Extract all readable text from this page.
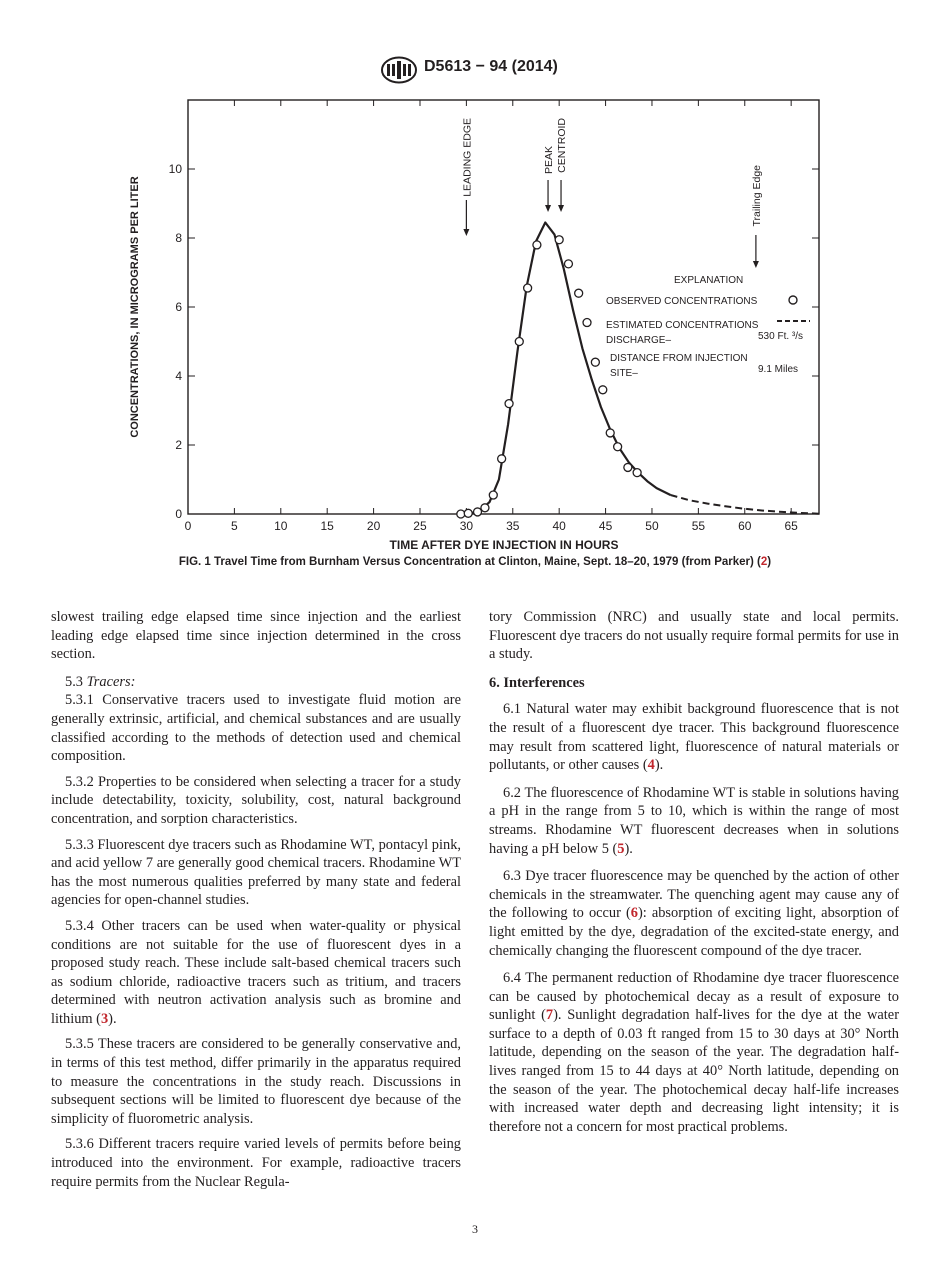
D5613 − 94 (2014)
0	5	10	15	20	25	30	35	40	45	50	55	60	65
0
2
4
6
8
10
TIME AFTER DYE INJECTION IN HOURS
CONCENTRATIONS, IN MICROGRAMS PER LITER
LEADING EDGE	PEAK CENTROID
Trailing Edge
EXPLANATION
OBSERVED CONCENTRATIONS
ESTIMATED CONCENTRATIONS
DISCHARGE–	530 Ft. ³/s
DISTANCE FROM INJECTION
SITE–	9.1 Miles
FIG. 1 Travel Time from Burnham Versus Concentration at Clinton, Maine, Sept. 18–20, 1979 (from Parker) (2)

slowest trailing edge elapsed time since injection and the earliest leading edge elapsed time since injection determined in the cross section.

5.3 Tracers:

5.3.1 Conservative tracers used to investigate fluid motion are generally extrinsic, artificial, and chemical substances and are usually classified according to the methods of detection used and chemical composition.

5.3.2 Properties to be considered when selecting a tracer for a study include detectability, toxicity, solubility, cost, natural background concentration, and sorption characteristics.

5.3.3 Fluorescent dye tracers such as Rhodamine WT, pontacyl pink, and acid yellow 7 are generally good chemical tracers. Rhodamine WT has the most numerous qualities preferred by many state and federal agencies for open-channel studies.

5.3.4 Other tracers can be used when water-quality or physical conditions are not suitable for the use of fluorescent dyes in a proposed study reach. These include salt-based chemical tracers such as sodium chloride, radioactive tracers such as tritium, and tracers determined with neutron activation analysis such as bromine and lithium (3).

5.3.5 These tracers are considered to be generally conservative and, in terms of this test method, differ primarily in the apparatus required to measure the concentrations in the study reach. Discussions in subsequent sections will be limited to fluorescent dye because of the simplicity of fluorometric analysis.

5.3.6 Different tracers require varied levels of permits before being introduced into the environment. For example, radioactive tracers require permits from the Nuclear Regula-

tory Commission (NRC) and usually state and local permits. Fluorescent dye tracers do not usually require formal permits for use in a study.

6. Interferences

6.1 Natural water may exhibit background fluorescence that is not the result of a fluorescent dye tracer. This background fluorescence may result from scattered light, fluorescence of natural materials or pollutants, or other causes (4).

6.2 The fluorescence of Rhodamine WT is stable in solutions having a pH in the range from 5 to 10, which is within the range of most streams. Rhodamine WT fluorescent decreases when in solutions having a pH below 5 (5).

6.3 Dye tracer fluorescence may be quenched by the action of other chemicals in the streamwater. The quenching agent may cause any of the following to occur (6): absorption of exciting light, absorption of light emitted by the dye, degradation of the excited-state energy, and chemically changing the fluorescent compound of the dye tracer.

6.4 The permanent reduction of Rhodamine dye tracer fluorescence can be caused by photochemical decay as a result of exposure to sunlight (7). Sunlight degradation half-lives for the dye at the water surface to a depth of 0.03 ft ranged from 15 to 30 days at 30° North latitude, depending on the season of the year. The degradation half-lives ranged from 15 to 44 days at 40° North latitude, depending on the season of the year. The photochemical decay half-life increases with increased water depth and decreasing light intensity; it is therefore not a concern for most practical problems.

3
